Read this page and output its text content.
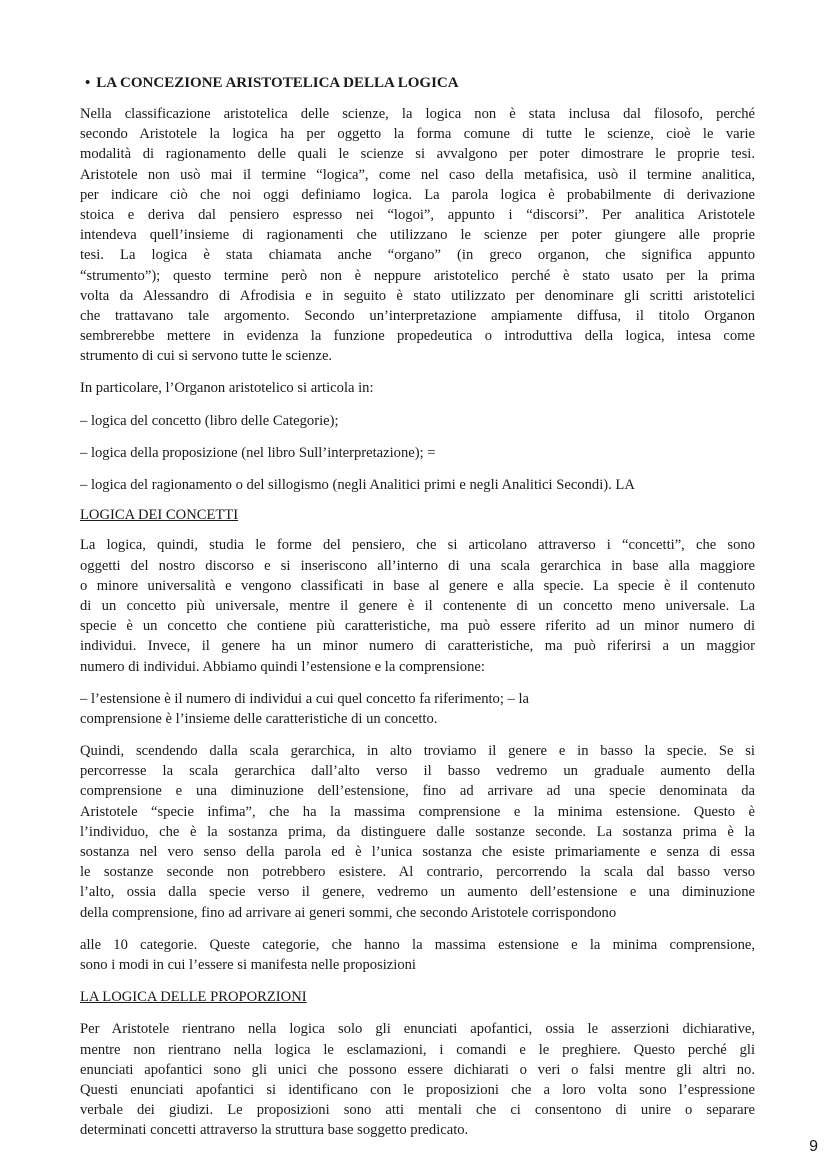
• LA CONCEZIONE ARISTOTELICA DELLA LOGICA
Nella classificazione aristotelica delle scienze, la logica non è stata inclusa dal filosofo, perché
secondo Aristotele la logica ha per oggetto la forma comune di tutte le scienze, cioè le varie
modalità di ragionamento delle quali le scienze si avvalgono per poter dimostrare le proprie tesi.
Aristotele non usò mai il termine “logica”, come nel caso della metafisica, usò il termine analitica,
per indicare ciò che noi oggi definiamo logica. La parola logica è probabilmente di derivazione
stoica e deriva dal pensiero espresso nei “logoi”, appunto i “discorsi”. Per analitica Aristotele
intendeva quell’insieme di ragionamenti che utilizzano le scienze per poter giungere alle proprie
tesi. La logica è stata chiamata anche “organo” (in greco organon, che significa appunto
“strumento”); questo termine però non è neppure aristotelico perché è stato usato per la prima
volta da Alessandro di Afrodisia e in seguito è stato utilizzato per denominare gli scritti aristotelici
che trattavano tale argomento. Secondo un’interpretazione ampiamente diffusa, il titolo Organon
sembrerebbe mettere in evidenza la funzione propedeutica o introduttiva della logica, intesa come
strumento di cui si servono tutte le scienze.
In particolare, l’Organon aristotelico si articola in:
– logica del concetto (libro delle Categorie);
– logica della proposizione (nel libro Sull’interpretazione); =
– logica del ragionamento o del sillogismo (negli Analitici primi e negli Analitici Secondi). LA
LOGICA DEI CONCETTI
La logica, quindi, studia le forme del pensiero, che si articolano attraverso i “concetti”, che sono
oggetti del nostro discorso e si inseriscono all’interno di una scala gerarchica in base alla maggiore
o minore universalità e vengono classificati in base al genere e alla specie. La specie è il contenuto
di un concetto più universale, mentre il genere è il contenente di un concetto meno universale. La
specie è un concetto che contiene più caratteristiche, ma può essere riferito ad un minor numero di
individui. Invece, il genere ha un minor numero di caratteristiche, ma può riferirsi a un maggior
numero di individui. Abbiamo quindi l’estensione e la comprensione:
– l’estensione è il numero di individui a cui quel concetto fa riferimento; – la
comprensione è l’insieme delle caratteristiche di un concetto.
Quindi, scendendo dalla scala gerarchica, in alto troviamo il genere e in basso la specie. Se si
percorresse la scala gerarchica dall’alto verso il basso vedremo un graduale aumento della
comprensione e una diminuzione dell’estensione, fino ad arrivare ad una specie denominata da
Aristotele “specie infima”, che ha la massima comprensione e la minima estensione. Questo è
l’individuo, che è la sostanza prima, da distinguere dalle sostanze seconde. La sostanza prima è la
sostanza nel vero senso della parola ed è l’unica sostanza che esiste primariamente e senza di essa
le sostanze seconde non potrebbero esistere. Al contrario, percorrendo la scala dal basso verso
l’alto, ossia dalla specie verso il genere, vedremo un aumento dell’estensione e una diminuzione
della comprensione, fino ad arrivare ai generi sommi, che secondo Aristotele corrispondono
alle 10 categorie. Queste categorie, che hanno la massima estensione e la minima comprensione,
sono i modi in cui l’essere si manifesta nelle proposizioni
LA LOGICA DELLE PROPORZIONI
Per Aristotele rientrano nella logica solo gli enunciati apofantici, ossia le asserzioni dichiarative,
mentre non rientrano nella logica le esclamazioni, i comandi e le preghiere. Questo perché gli
enunciati apofantici sono gli unici che possono essere dichiarati o veri o falsi mentre gli altri no.
Questi enunciati apofantici si identificano con le proposizioni che a loro volta sono l’espressione
verbale dei giudizi. Le proposizioni sono atti mentali che ci consentono di unire o separare
determinati concetti attraverso la struttura base soggetto predicato.
9
